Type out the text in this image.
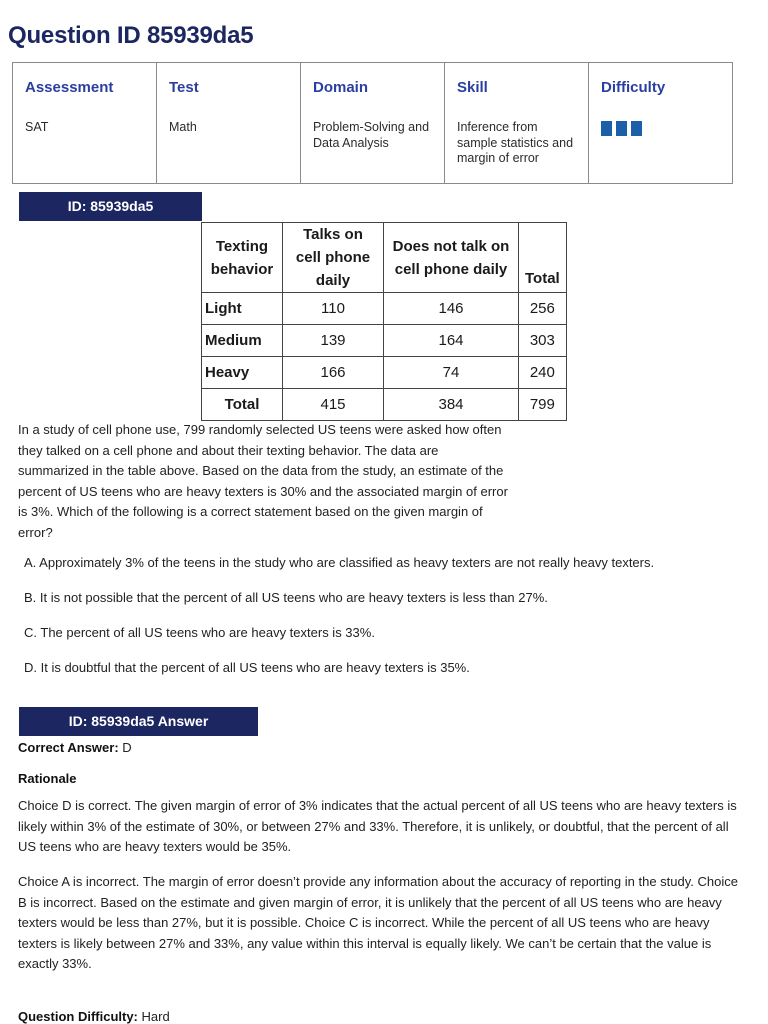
Question ID 85939da5
Assessment
SAT

Test
Math

Domain
Problem-Solving and Data Analysis

Skill
Inference from sample statistics and margin of error

Difficulty
ID: 85939da5
Texting behavior	Talks on cell phone daily	Does not talk on cell phone daily	Total
Light	110	146	256
Medium	139	164	303
Heavy	166	74	240
Total	415	384	799

In a study of cell phone use, 799 randomly selected US teens were asked how often they talked on a cell phone and about their texting behavior. The data are summarized in the table above. Based on the data from the study, an estimate of the percent of US teens who are heavy texters is 30% and the associated margin of error is 3%. Which of the following is a correct statement based on the given margin of error?

A. Approximately 3% of the teens in the study who are classified as heavy texters are not really heavy texters.
B. It is not possible that the percent of all US teens who are heavy texters is less than 27%.
C. The percent of all US teens who are heavy texters is 33%.
D. It is doubtful that the percent of all US teens who are heavy texters is 35%.
ID: 85939da5 Answer
Correct Answer: D
Rationale

Choice D is correct. The given margin of error of 3% indicates that the actual percent of all US teens who are heavy texters is likely within 3% of the estimate of 30%, or between 27% and 33%. Therefore, it is unlikely, or doubtful, that the percent of all US teens who are heavy texters would be 35%.

Choice A is incorrect. The margin of error doesn’t provide any information about the accuracy of reporting in the study. Choice B is incorrect. Based on the estimate and given margin of error, it is unlikely that the percent of all US teens who are heavy texters would be less than 27%, but it is possible. Choice C is incorrect. While the percent of all US teens who are heavy texters is likely between 27% and 33%, any value within this interval is equally likely. We can’t be certain that the value is exactly 33%.

Question Difficulty: Hard
